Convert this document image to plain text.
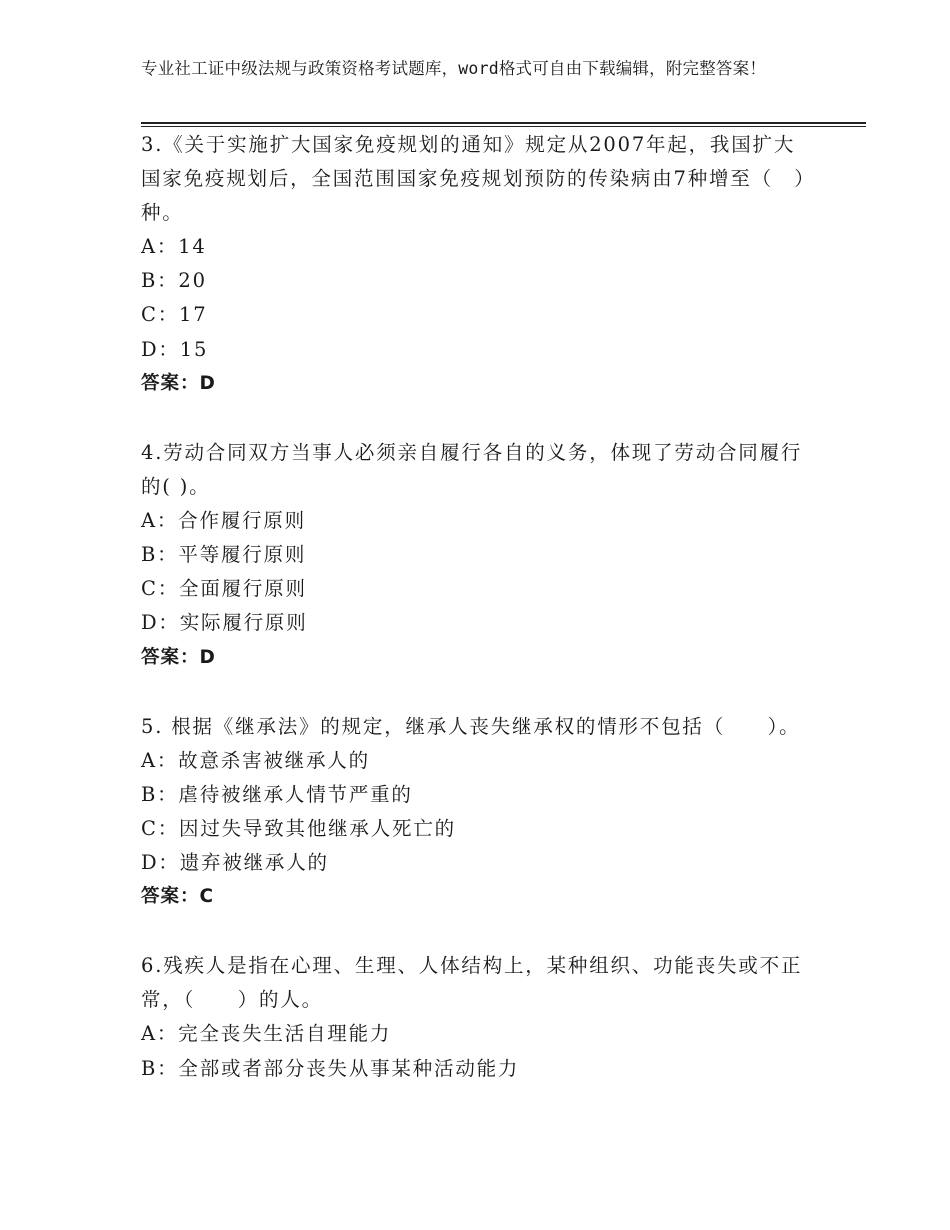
专业社工证中级法规与政策资格考试题库，word格式可自由下载编辑，附完整答案！

3.《关于实施扩大国家免疫规划的通知》规定从2007年起，我国扩大国家免疫规划后，全国范围国家免疫规划预防的传染病由7种增至（　）种。

A：14

B：20

C：17

D：15

答案：D

4.劳动合同双方当事人必须亲自履行各自的义务，体现了劳动合同履行的( )。

A：合作履行原则

B：平等履行原则

C：全面履行原则

D：实际履行原则

答案：D

5. 根据《继承法》的规定，继承人丧失继承权的情形不包括（　　）。

A：故意杀害被继承人的

B：虐待被继承人情节严重的

C：因过失导致其他继承人死亡的

D：遗弃被继承人的

答案：C

6.残疾人是指在心理、生理、人体结构上，某种组织、功能丧失或不正常，（　　）的人。

A：完全丧失生活自理能力

B：全部或者部分丧失从事某种活动能力
